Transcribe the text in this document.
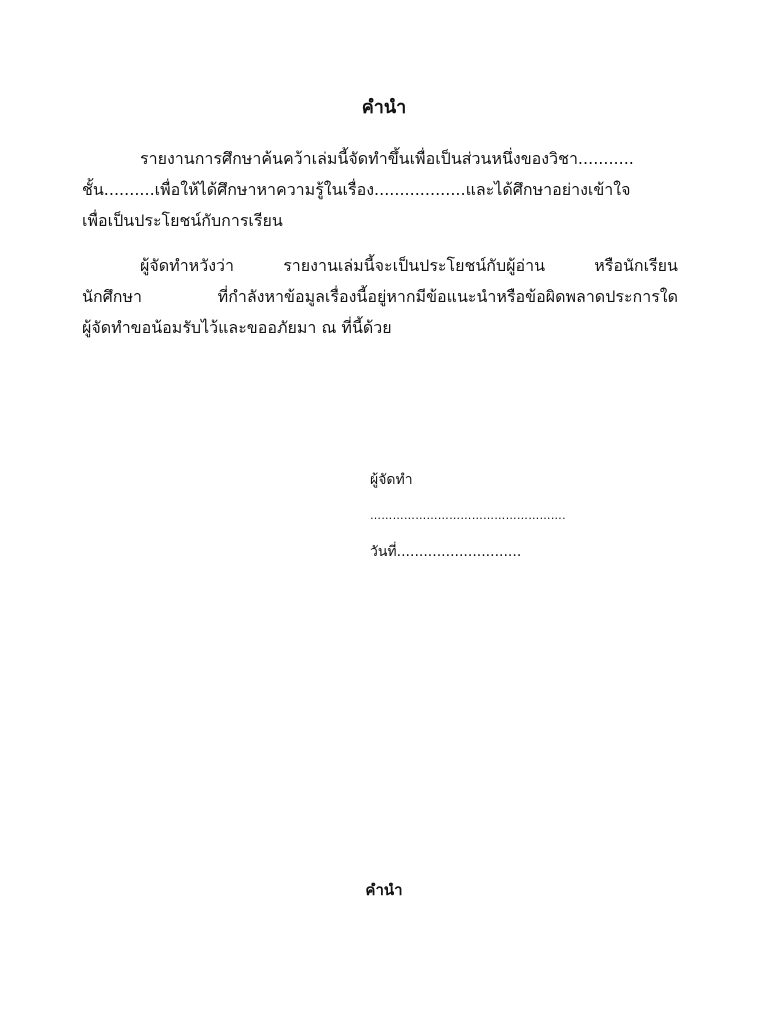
คำนำ

รายงานการศึกษาค้นคว้าเล่มนี้จัดทำขึ้นเพื่อเป็นส่วนหนึ่งของวิชา...........
ชั้น..........เพื่อให้ได้ศึกษาหาความรู้ในเรื่อง..................และได้ศึกษาอย่างเข้าใจ
เพื่อเป็นประโยชน์กับการเรียน

ผู้จัดทำหวังว่า รายงานเล่มนี้จะเป็นประโยชน์กับผู้อ่าน หรือนักเรียน
นักศึกษา ที่กำลังหาข้อมูลเรื่องนี้อยู่หากมีข้อแนะนำหรือข้อผิดพลาดประการใด
ผู้จัดทำขอน้อมรับไว้และขออภัยมา ณ ที่นี้ด้วย

ผู้จัดทำ
…………………………………………….
วันที่............................
คำนำ
